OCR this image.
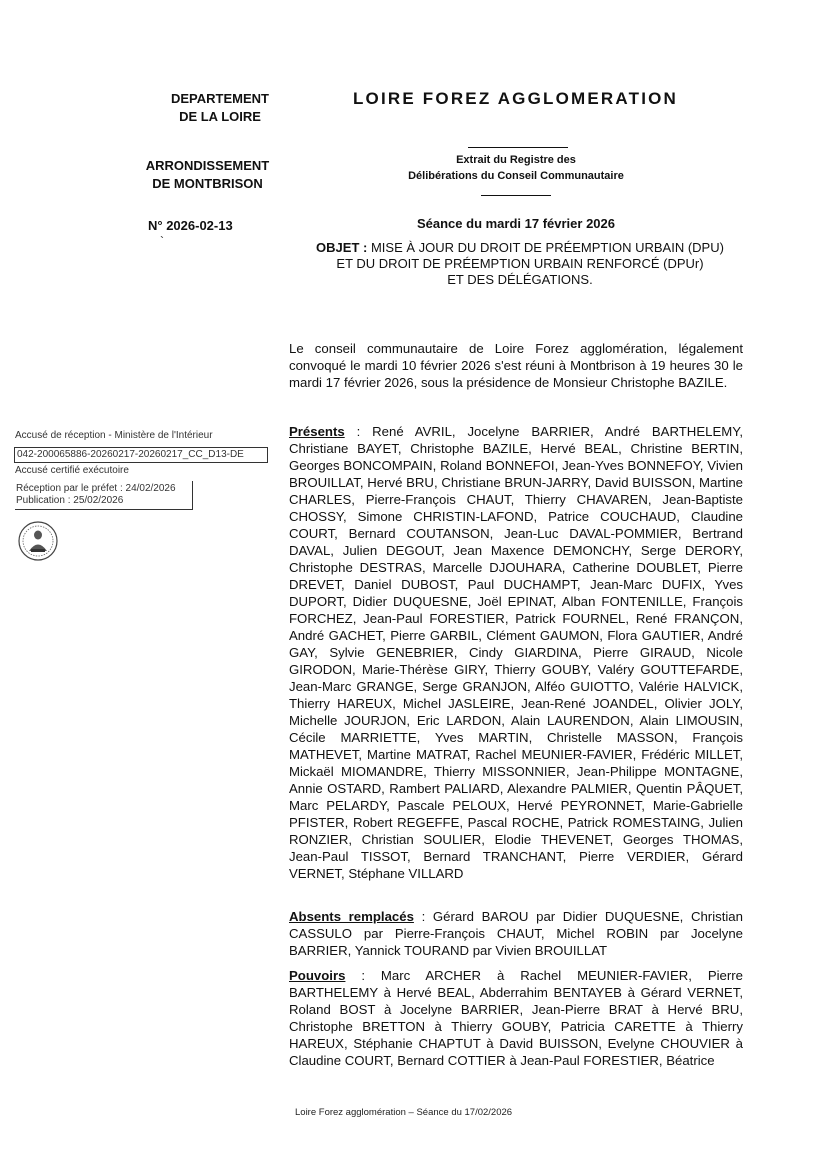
DEPARTEMENT
DE LA LOIRE
ARRONDISSEMENT
DE MONTBRISON
N° 2026-02-13
`
LOIRE FOREZ AGGLOMERATION
Extrait du Registre des
Délibérations du Conseil Communautaire
Séance du mardi 17 février 2026
OBJET : MISE À JOUR DU DROIT DE PRÉEMPTION URBAIN (DPU)
ET DU DROIT DE PRÉEMPTION URBAIN RENFORCÉ (DPUr)
ET DES DÉLÉGATIONS.
Accusé de réception - Ministère de l'Intérieur
042-200065886-20260217-20260217_CC_D13-DE
Accusé certifié exécutoire
Réception par le préfet : 24/02/2026
Publication : 25/02/2026
Le conseil communautaire de Loire Forez agglomération, légalement convoqué le mardi 10 février 2026 s'est réuni à Montbrison à 19 heures 30 le mardi 17 février 2026, sous la présidence de Monsieur Christophe BAZILE.
Présents : René AVRIL, Jocelyne BARRIER, André BARTHELEMY, Christiane BAYET, Christophe BAZILE, Hervé BEAL, Christine BERTIN, Georges BONCOMPAIN, Roland BONNEFOI, Jean-Yves BONNEFOY, Vivien BROUILLAT, Hervé BRU, Christiane BRUN-JARRY, David BUISSON, Martine CHARLES, Pierre-François CHAUT, Thierry CHAVAREN, Jean-Baptiste CHOSSY, Simone CHRISTIN-LAFOND, Patrice COUCHAUD, Claudine COURT, Bernard COUTANSON, Jean-Luc DAVAL-POMMIER, Bertrand DAVAL, Julien DEGOUT, Jean Maxence DEMONCHY, Serge DERORY, Christophe DESTRAS, Marcelle DJOUHARA, Catherine DOUBLET, Pierre DREVET, Daniel DUBOST, Paul DUCHAMPT, Jean-Marc DUFIX, Yves DUPORT, Didier DUQUESNE, Joël EPINAT, Alban FONTENILLE, François FORCHEZ, Jean-Paul FORESTIER, Patrick FOURNEL, René FRANÇON, André GACHET, Pierre GARBIL, Clément GAUMON, Flora GAUTIER, André GAY, Sylvie GENEBRIER, Cindy GIARDINA, Pierre GIRAUD, Nicole GIRODON, Marie-Thérèse GIRY, Thierry GOUBY, Valéry GOUTTEFARDE, Jean-Marc GRANGE, Serge GRANJON, Alféo GUIOTTO, Valérie HALVICK, Thierry HAREUX, Michel JASLEIRE, Jean-René JOANDEL, Olivier JOLY, Michelle JOURJON, Eric LARDON, Alain LAURENDON, Alain LIMOUSIN, Cécile MARRIETTE, Yves MARTIN, Christelle MASSON, François MATHEVET, Martine MATRAT, Rachel MEUNIER-FAVIER, Frédéric MILLET, Mickaël MIOMANDRE, Thierry MISSONNIER, Jean-Philippe MONTAGNE, Annie OSTARD, Rambert PALIARD, Alexandre PALMIER, Quentin PÂQUET, Marc PELARDY, Pascale PELOUX, Hervé PEYRONNET, Marie-Gabrielle PFISTER, Robert REGEFFE, Pascal ROCHE, Patrick ROMESTAING, Julien RONZIER, Christian SOULIER, Elodie THEVENET, Georges THOMAS, Jean-Paul TISSOT, Bernard TRANCHANT, Pierre VERDIER, Gérard VERNET, Stéphane VILLARD
Absents remplacés : Gérard BAROU par Didier DUQUESNE, Christian CASSULO par Pierre-François CHAUT, Michel ROBIN par Jocelyne BARRIER, Yannick TOURAND par Vivien BROUILLAT
Pouvoirs : Marc ARCHER à Rachel MEUNIER-FAVIER, Pierre BARTHELEMY à Hervé BEAL, Abderrahim BENTAYEB à Gérard VERNET, Roland BOST à Jocelyne BARRIER, Jean-Pierre BRAT à Hervé BRU, Christophe BRETTON à Thierry GOUBY, Patricia CARETTE à Thierry HAREUX, Stéphanie CHAPTUT à David BUISSON, Evelyne CHOUVIER à Claudine COURT, Bernard COTTIER à Jean-Paul FORESTIER, Béatrice
Loire Forez agglomération – Séance du 17/02/2026
